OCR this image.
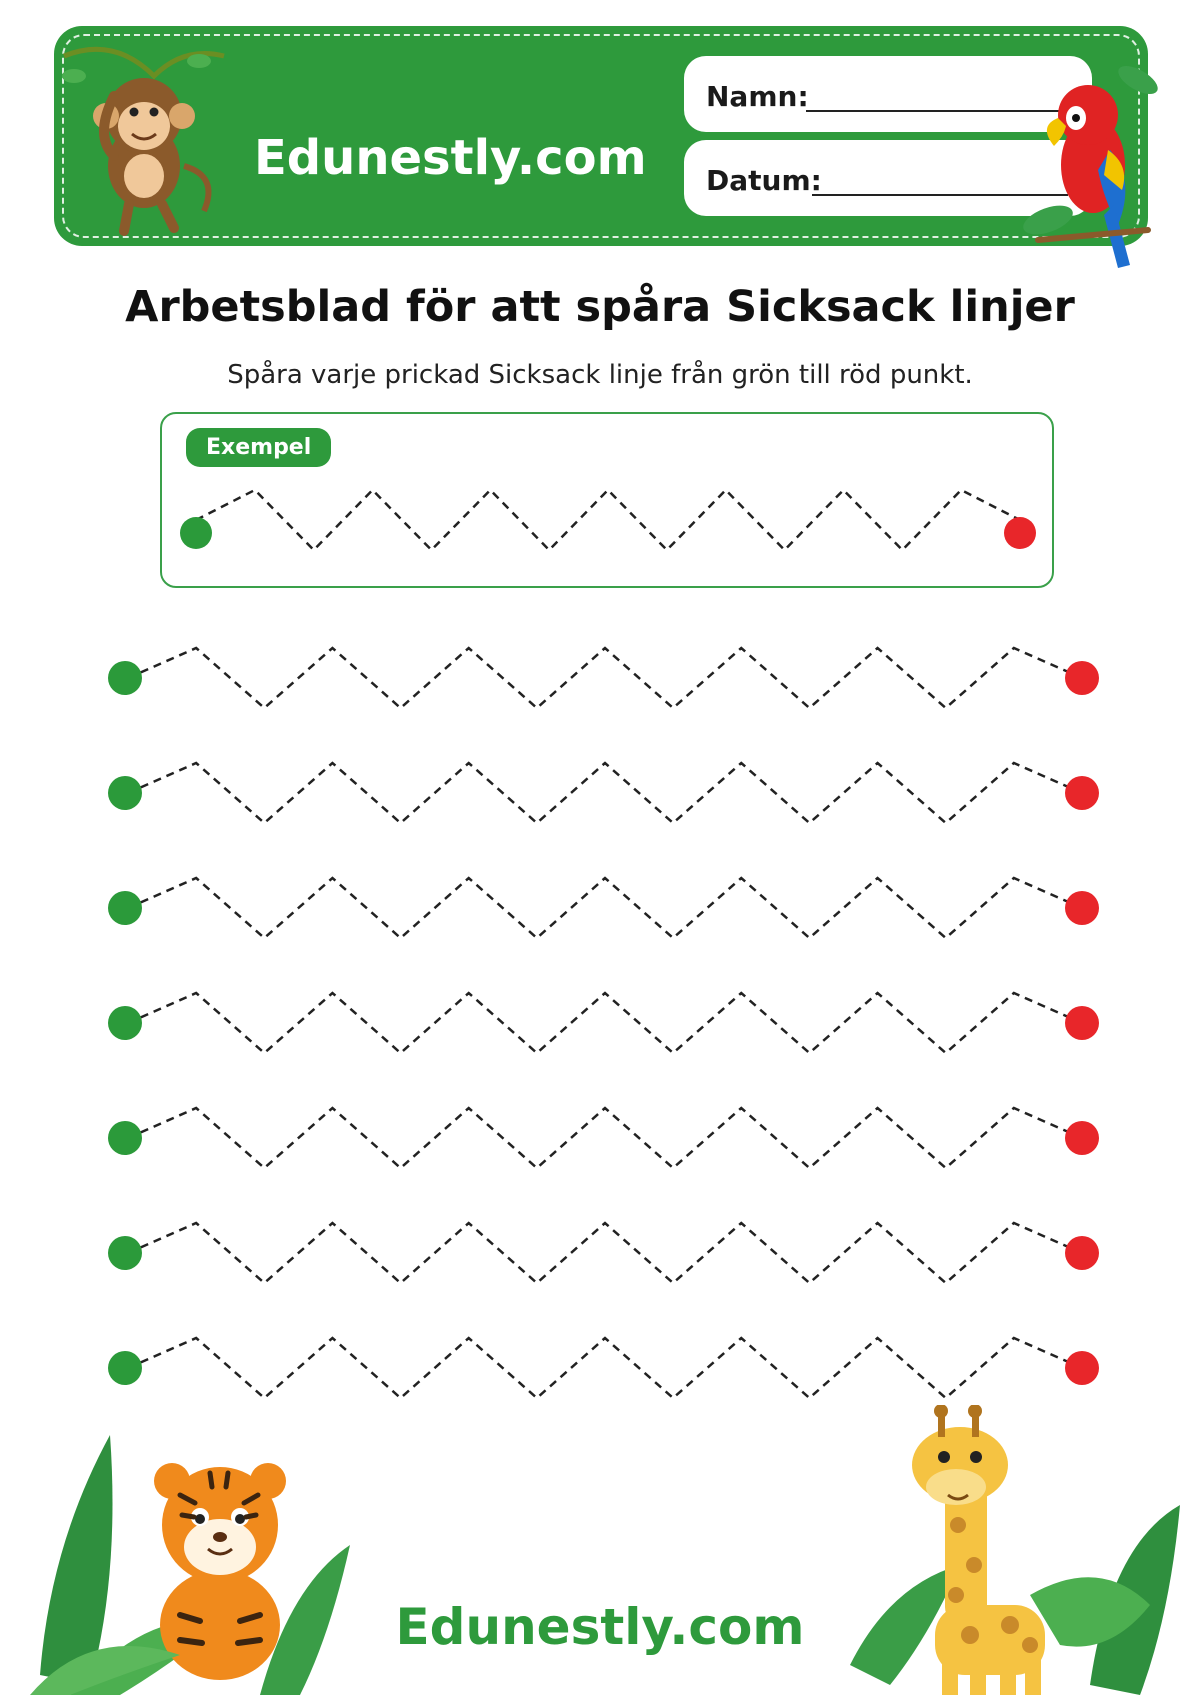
Edunestly.com
Namn:
Datum:
Arbetsblad för att spåra Sicksack linjer
Spåra varje prickad Sicksack linje från grön till röd punkt.
Exempel
Edunestly.com
